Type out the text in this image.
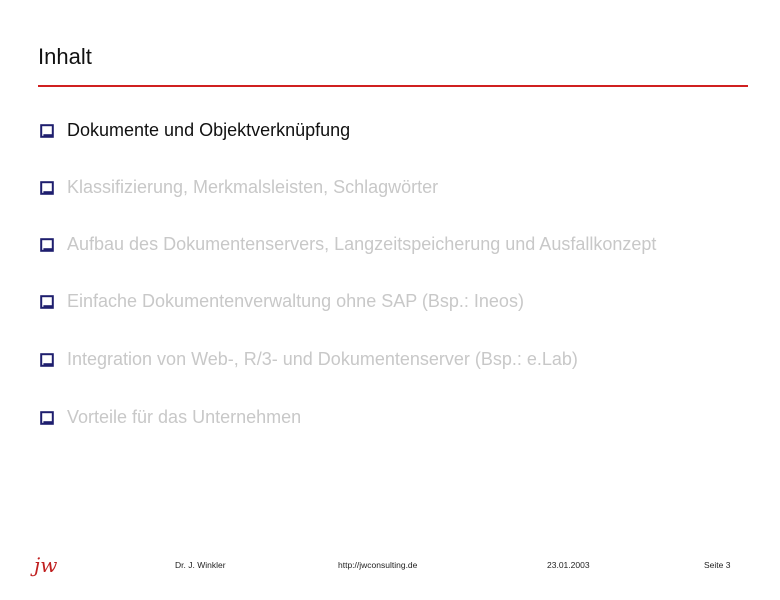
Inhalt
Dokumente und Objektverknüpfung
Klassifizierung, Merkmalsleisten, Schlagwörter
Aufbau des Dokumentenservers, Langzeitspeicherung und Ausfallkonzept
Einfache Dokumentenverwaltung ohne SAP (Bsp.: Ineos)
Integration von Web-, R/3- und Dokumentenserver (Bsp.: e.Lab)
Vorteile für das Unternehmen
jw	Dr. J. Winkler	http://jwconsulting.de	23.01.2003	Seite 3
